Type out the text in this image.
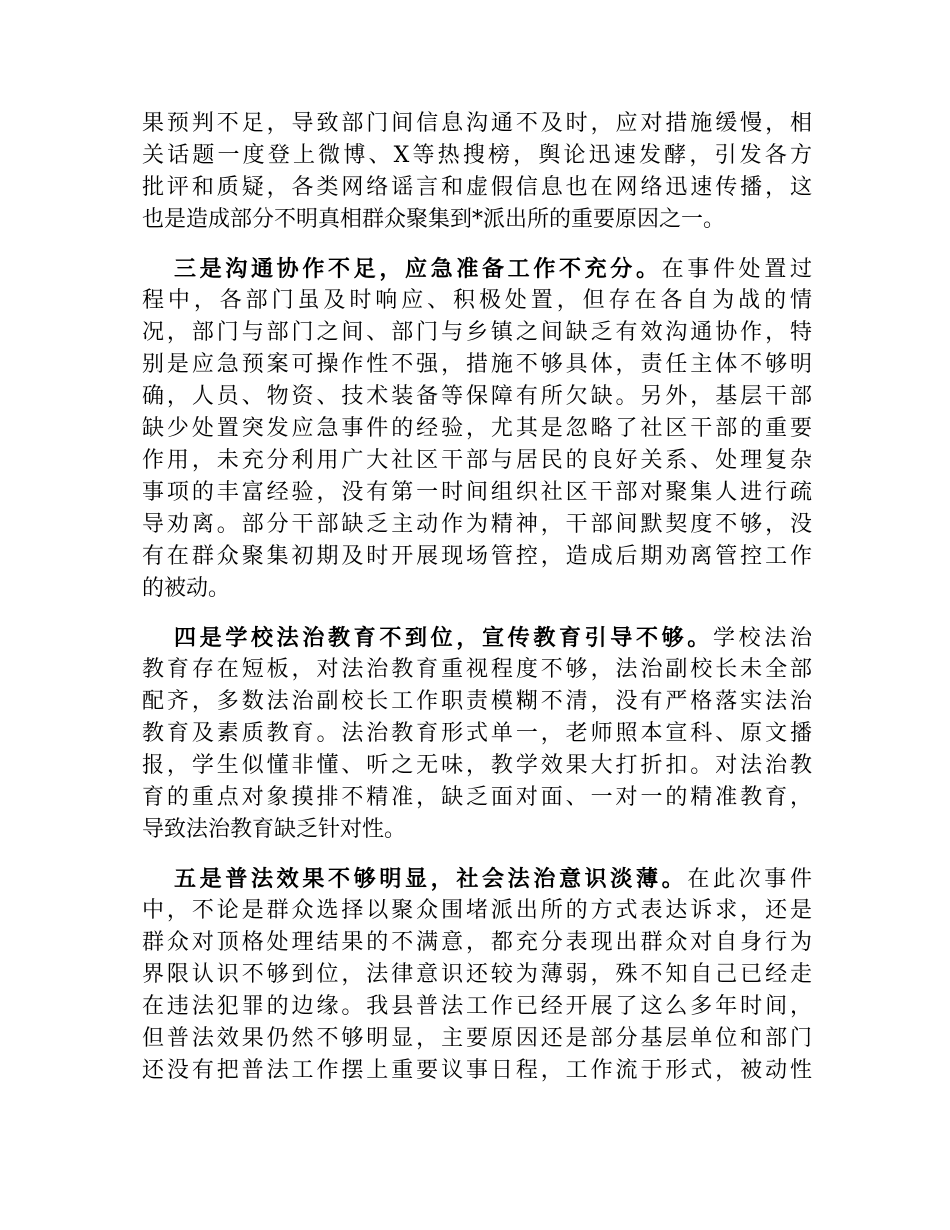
果预判不足，导致部门间信息沟通不及时，应对措施缓慢，相
关话题一度登上微博、X等热搜榜，舆论迅速发酵，引发各方
批评和质疑，各类网络谣言和虚假信息也在网络迅速传播，这
也是造成部分不明真相群众聚集到*派出所的重要原因之一。
三是沟通协作不足，应急准备工作不充分。在事件处置过
程中，各部门虽及时响应、积极处置，但存在各自为战的情
况，部门与部门之间、部门与乡镇之间缺乏有效沟通协作，特
别是应急预案可操作性不强，措施不够具体，责任主体不够明
确，人员、物资、技术装备等保障有所欠缺。另外，基层干部
缺少处置突发应急事件的经验，尤其是忽略了社区干部的重要
作用，未充分利用广大社区干部与居民的良好关系、处理复杂
事项的丰富经验，没有第一时间组织社区干部对聚集人进行疏
导劝离。部分干部缺乏主动作为精神，干部间默契度不够，没
有在群众聚集初期及时开展现场管控，造成后期劝离管控工作
的被动。
四是学校法治教育不到位，宣传教育引导不够。学校法治
教育存在短板，对法治教育重视程度不够，法治副校长未全部
配齐，多数法治副校长工作职责模糊不清，没有严格落实法治
教育及素质教育。法治教育形式单一，老师照本宣科、原文播
报，学生似懂非懂、听之无味，教学效果大打折扣。对法治教
育的重点对象摸排不精准，缺乏面对面、一对一的精准教育，
导致法治教育缺乏针对性。
五是普法效果不够明显，社会法治意识淡薄。在此次事件
中，不论是群众选择以聚众围堵派出所的方式表达诉求，还是
群众对顶格处理结果的不满意，都充分表现出群众对自身行为
界限认识不够到位，法律意识还较为薄弱，殊不知自己已经走
在违法犯罪的边缘。我县普法工作已经开展了这么多年时间，
但普法效果仍然不够明显，主要原因还是部分基层单位和部门
还没有把普法工作摆上重要议事日程，工作流于形式，被动性
